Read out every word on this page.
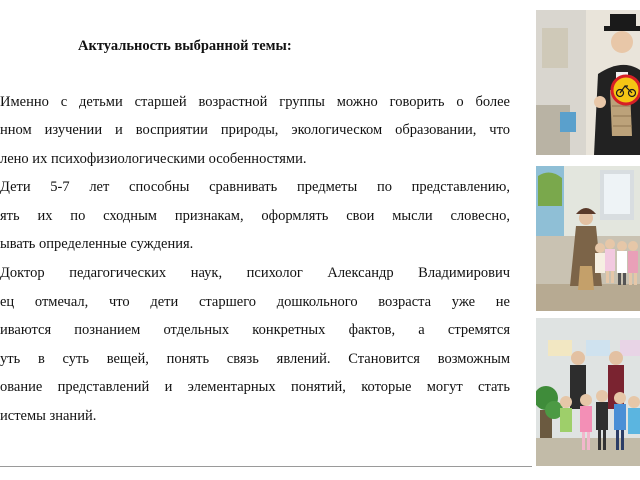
Актуальность выбранной темы:
Именно с детьми старшей возрастной группы можно говорить о более
нном изучении и восприятии природы, экологическом образовании, что
лено их психофизиологическими особенностями.
Дети 5-7 лет способны сравнивать предметы по представлению,
ять их по сходным признакам, оформлять свои мысли словесно,
ывать определенные суждения.
Доктор педагогических наук, психолог Александр Владимирович
ец отмечал, что дети старшего дошкольного возраста уже не
иваются познанием отдельных конкретных фактов, а стремятся
уть в суть вещей, понять связь явлений. Становится возможным
ование представлений и элементарных понятий, которые могут стать
истемы знаний.
